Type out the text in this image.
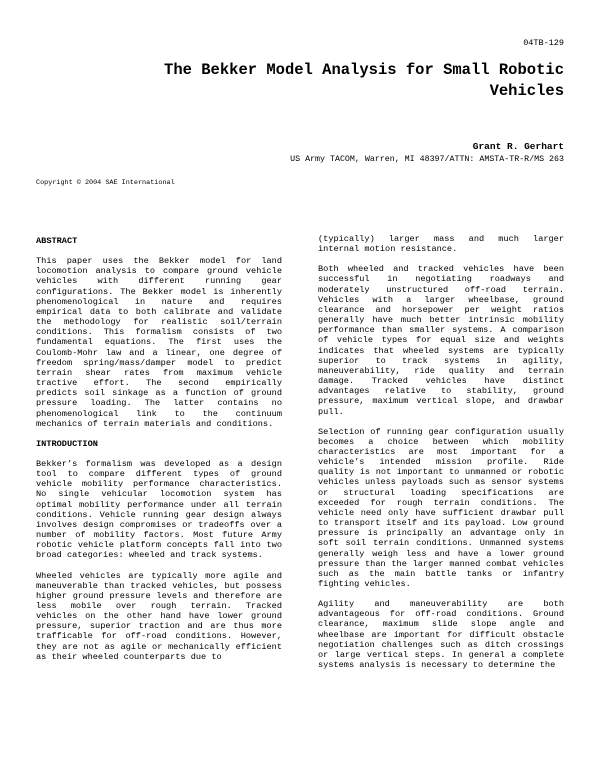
04TB-129
The Bekker Model Analysis for Small Robotic Vehicles
Grant R. Gerhart
US Army TACOM, Warren, MI 48397/ATTN: AMSTA-TR-R/MS 263
Copyright © 2004 SAE International
ABSTRACT

This paper uses the Bekker model for land locomotion analysis to compare ground vehicle vehicles with different running gear configurations. The Bekker model is inherently phenomenological in nature and requires empirical data to both calibrate and validate the methodology for realistic soil/terrain conditions. This formalism consists of two fundamental equations. The first uses the Coulomb-Mohr law and a linear, one degree of freedom spring/mass/damper model to predict terrain shear rates from maximum vehicle tractive effort. The second empirically predicts soil sinkage as a function of ground pressure loading. The latter contains no phenomenological link to the continuum mechanics of terrain materials and conditions.

INTRODUCTION

Bekker’s formalism was developed as a design tool to compare different types of ground vehicle mobility performance characteristics. No single vehicular locomotion system has optimal mobility performance under all terrain conditions. Vehicle running gear design always involves design compromises or tradeoffs over a number of mobility factors. Most future Army robotic vehicle platform concepts fall into two broad categories: wheeled and track systems.

Wheeled vehicles are typically more agile and maneuverable than tracked vehicles, but possess higher ground pressure levels and therefore are less mobile over rough terrain. Tracked vehicles on the other hand have lower ground pressure, superior traction and are thus more trafficable for off-road conditions. However, they are not as agile or mechanically efficient as their wheeled counterparts due to

(typically) larger mass and much larger internal motion resistance.

Both wheeled and tracked vehicles have been successful in negotiating roadways and moderately unstructured off-road terrain. Vehicles with a larger wheelbase, ground clearance and horsepower per weight ratios generally have much better intrinsic mobility performance than smaller systems. A comparison of vehicle types for equal size and weights indicates that wheeled systems are typically superior to track systems in agility, maneuverability, ride quality and terrain damage. Tracked vehicles have distinct advantages relative to stability, ground pressure, maximum vertical slope, and drawbar pull.

Selection of running gear configuration usually becomes a choice between which mobility characteristics are most important for a vehicle’s intended mission profile. Ride quality is not important to unmanned or robotic vehicles unless payloads such as sensor systems or structural loading specifications are exceeded for rough terrain conditions. The vehicle need only have sufficient drawbar pull to transport itself and its payload. Low ground pressure is principally an advantage only in soft soil terrain conditions. Unmanned systems generally weigh less and have a lower ground pressure than the larger manned combat vehicles such as the main battle tanks or infantry fighting vehicles.

Agility and maneuverability are both advantageous for off-road conditions. Ground clearance, maximum slide slope angle and wheelbase are important for difficult obstacle negotiation challenges such as ditch crossings or large vertical steps. In general a complete systems analysis is necessary to determine the
